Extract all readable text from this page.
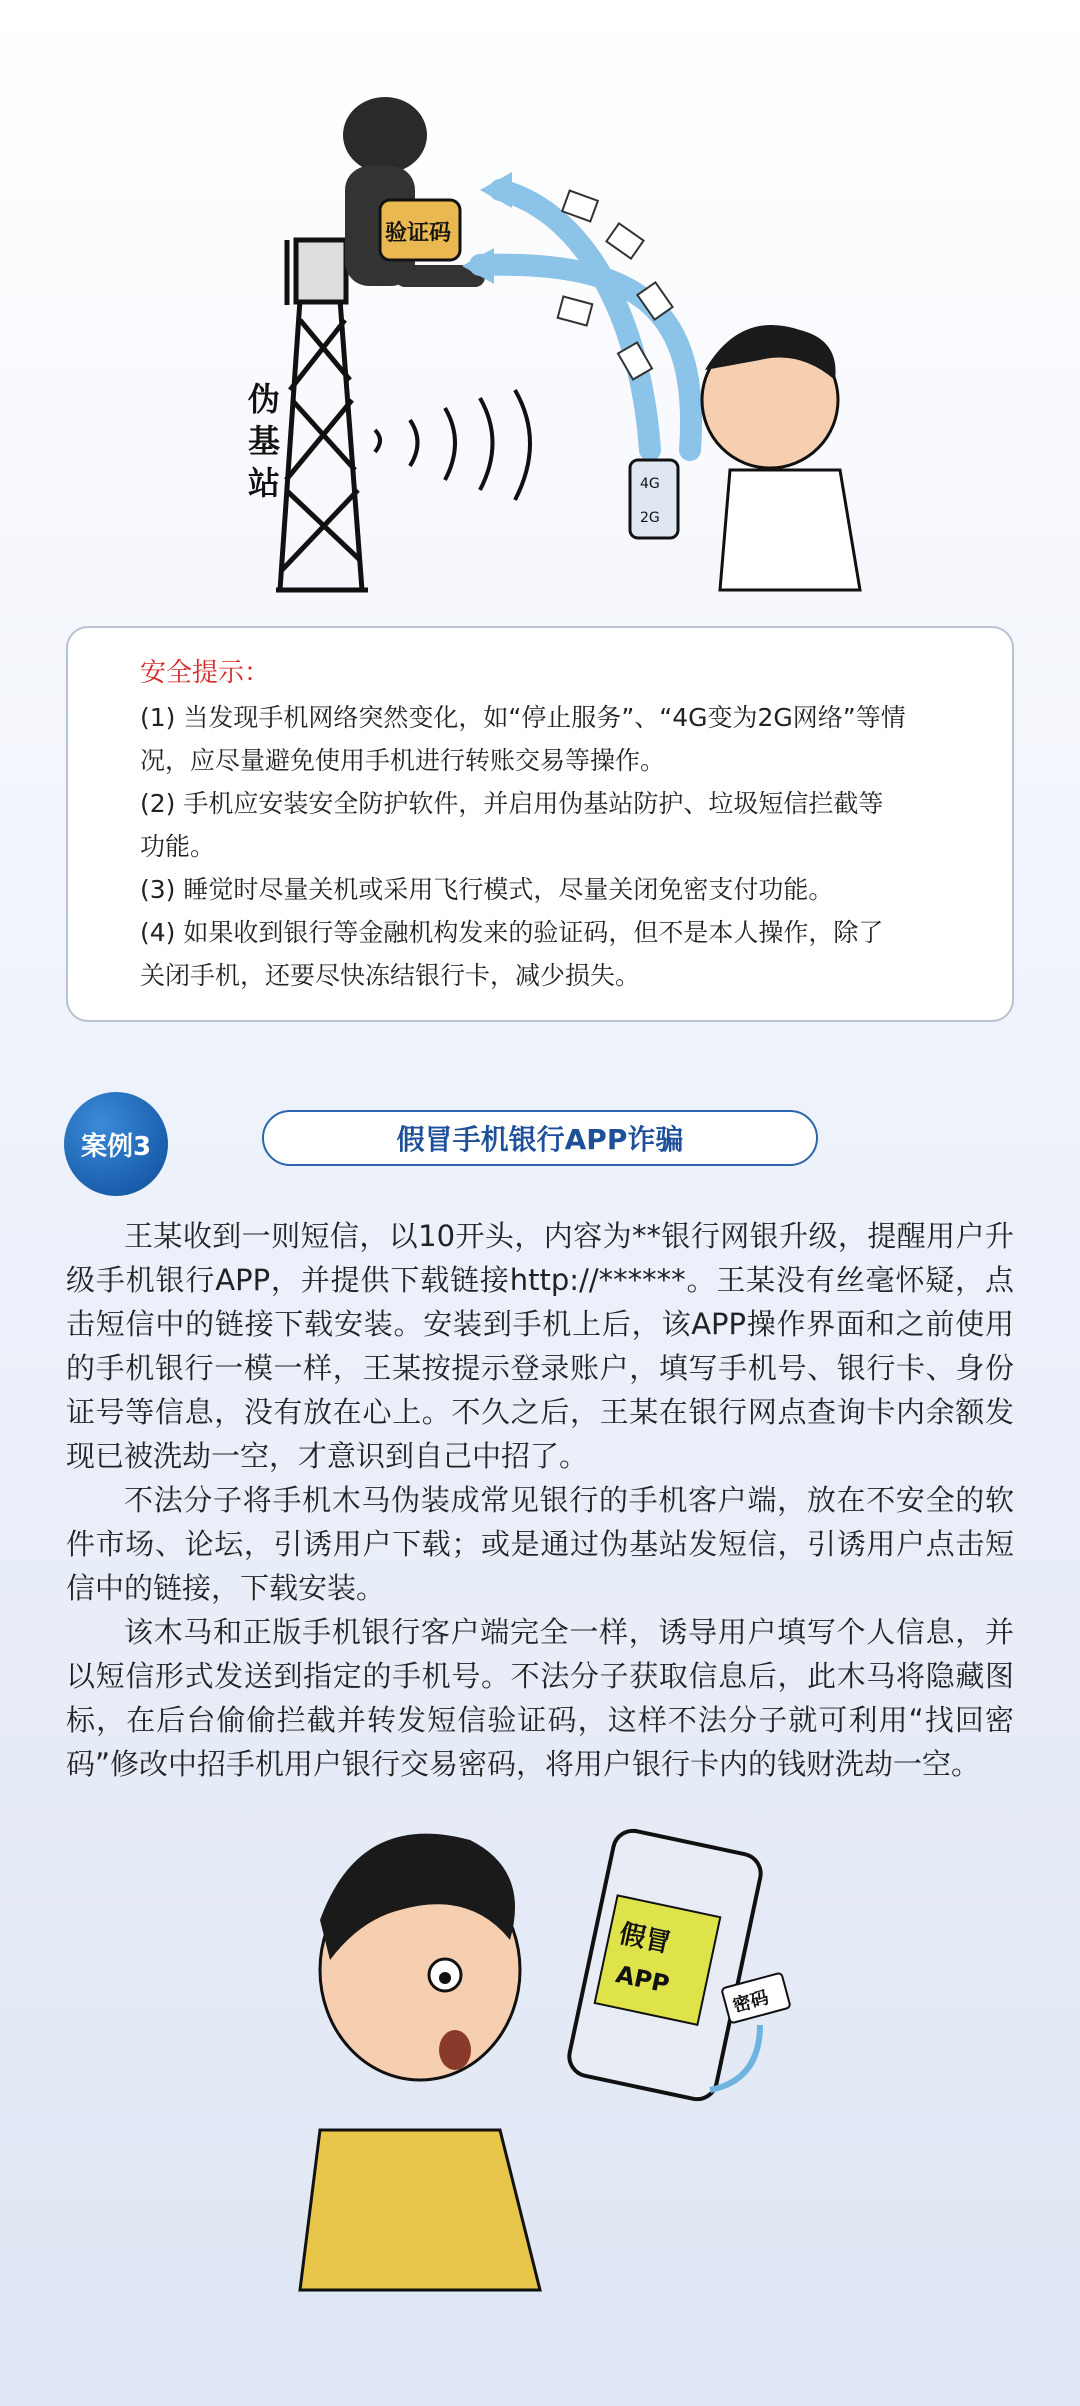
验证码
伪
基
站	4G
2G
安全提示：
(1) 当发现手机网络突然变化，如“停止服务”、“4G变为2G网络”等情
况，应尽量避免使用手机进行转账交易等操作。
(2) 手机应安装安全防护软件，并启用伪基站防护、垃圾短信拦截等
功能。
(3) 睡觉时尽量关机或采用飞行模式，尽量关闭免密支付功能。
(4) 如果收到银行等金融机构发来的验证码，但不是本人操作，除了
关闭手机，还要尽快冻结银行卡，减少损失。
案例3	假冒手机银行APP诈骗

王某收到一则短信，以10开头，内容为**银行网银升级，提醒用户升级手机银行APP，并提供下载链接http://******。王某没有丝毫怀疑，点击短信中的链接下载安装。安装到手机上后，该APP操作界面和之前使用的手机银行一模一样，王某按提示登录账户，填写手机号、银行卡、身份证号等信息，没有放在心上。不久之后，王某在银行网点查询卡内余额发现已被洗劫一空，才意识到自己中招了。

不法分子将手机木马伪装成常见银行的手机客户端，放在不安全的软件市场、论坛，引诱用户下载；或是通过伪基站发短信，引诱用户点击短信中的链接，下载安装。

该木马和正版手机银行客户端完全一样，诱导用户填写个人信息，并以短信形式发送到指定的手机号。不法分子获取信息后，此木马将隐藏图标，在后台偷偷拦截并转发短信验证码，这样不法分子就可利用“找回密码”修改中招手机用户银行交易密码，将用户银行卡内的钱财洗劫一空。

假冒
APP
密码
